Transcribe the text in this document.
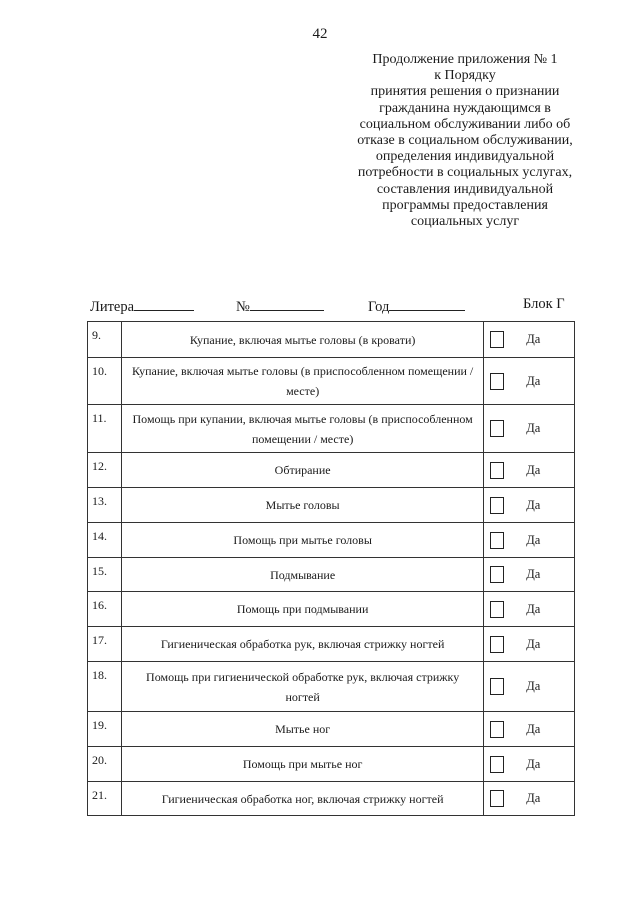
42
Продолжение приложения № 1
к Порядку
принятия решения о признании
гражданина нуждающимся в
социальном обслуживании либо об
отказе в социальном обслуживании,
определения индивидуальной
потребности в социальных услугах,
составления индивидуальной
программы предоставления
социальных услуг
Литера	№	Год	Блок Г
9.	Купание, включая мытье головы (в кровати)	Да

10.	Купание, включая мытье головы (в приспособленном помещении / месте)	Да

11.	Помощь при купании, включая мытье головы (в приспособленном помещении / месте)	Да

12.	Обтирание	Да

13.	Мытье головы	Да

14.	Помощь при мытье головы	Да

15.	Подмывание	Да

16.	Помощь при подмывании	Да

17.	Гигиеническая обработка рук, включая стрижку ногтей	Да

18.	Помощь при гигиенической обработке рук, включая стрижку ногтей	Да

19.	Мытье ног	Да

20.	Помощь при мытье ног	Да

21.	Гигиеническая обработка ног, включая стрижку ногтей	Да
